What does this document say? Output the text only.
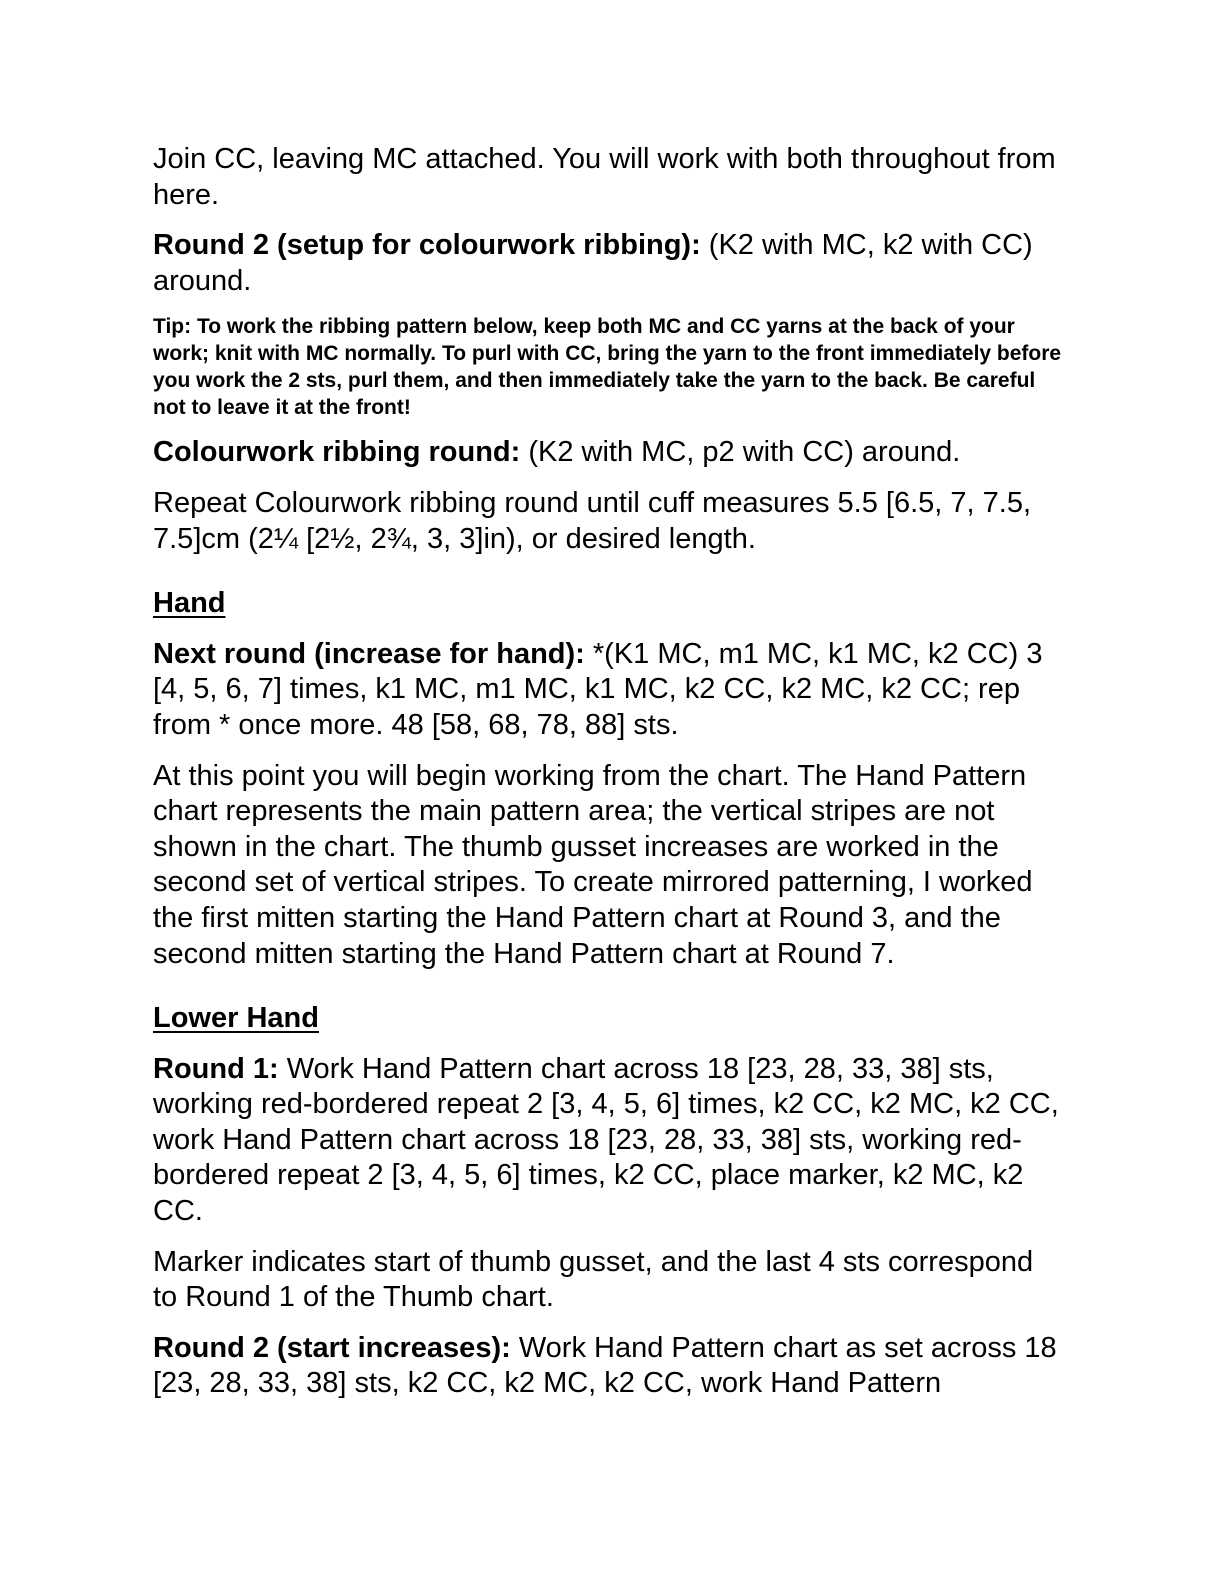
Join CC, leaving MC attached. You will work with both throughout from here.

Round 2 (setup for colourwork ribbing): (K2 with MC, k2 with CC) around.

Tip: To work the ribbing pattern below, keep both MC and CC yarns at the back of your work; knit with MC normally. To purl with CC, bring the yarn to the front immediately before you work the 2 sts, purl them, and then immediately take the yarn to the back. Be careful not to leave it at the front!

Colourwork ribbing round: (K2 with MC, p2 with CC) around.

Repeat Colourwork ribbing round until cuff measures 5.5 [6.5, 7, 7.5, 7.5]cm (2¼ [2½, 2¾, 3, 3]in), or desired length.

Hand

Next round (increase for hand): *(K1 MC, m1 MC, k1 MC, k2 CC) 3 [4, 5, 6, 7] times, k1 MC, m1 MC, k1 MC, k2 CC, k2 MC, k2 CC; rep from * once more. 48 [58, 68, 78, 88] sts.

At this point you will begin working from the chart. The Hand Pattern chart represents the main pattern area; the vertical stripes are not shown in the chart. The thumb gusset increases are worked in the second set of vertical stripes. To create mirrored patterning, I worked the first mitten starting the Hand Pattern chart at Round 3, and the second mitten starting the Hand Pattern chart at Round 7.

Lower Hand

Round 1: Work Hand Pattern chart across 18 [23, 28, 33, 38] sts, working red-bordered repeat 2 [3, 4, 5, 6] times, k2 CC, k2 MC, k2 CC, work Hand Pattern chart across 18 [23, 28, 33, 38] sts, working red-bordered repeat 2 [3, 4, 5, 6] times, k2 CC, place marker, k2 MC, k2 CC.

Marker indicates start of thumb gusset, and the last 4 sts correspond to Round 1 of the Thumb chart.

Round 2 (start increases): Work Hand Pattern chart as set across 18 [23, 28, 33, 38] sts, k2 CC, k2 MC, k2 CC, work Hand Pattern
